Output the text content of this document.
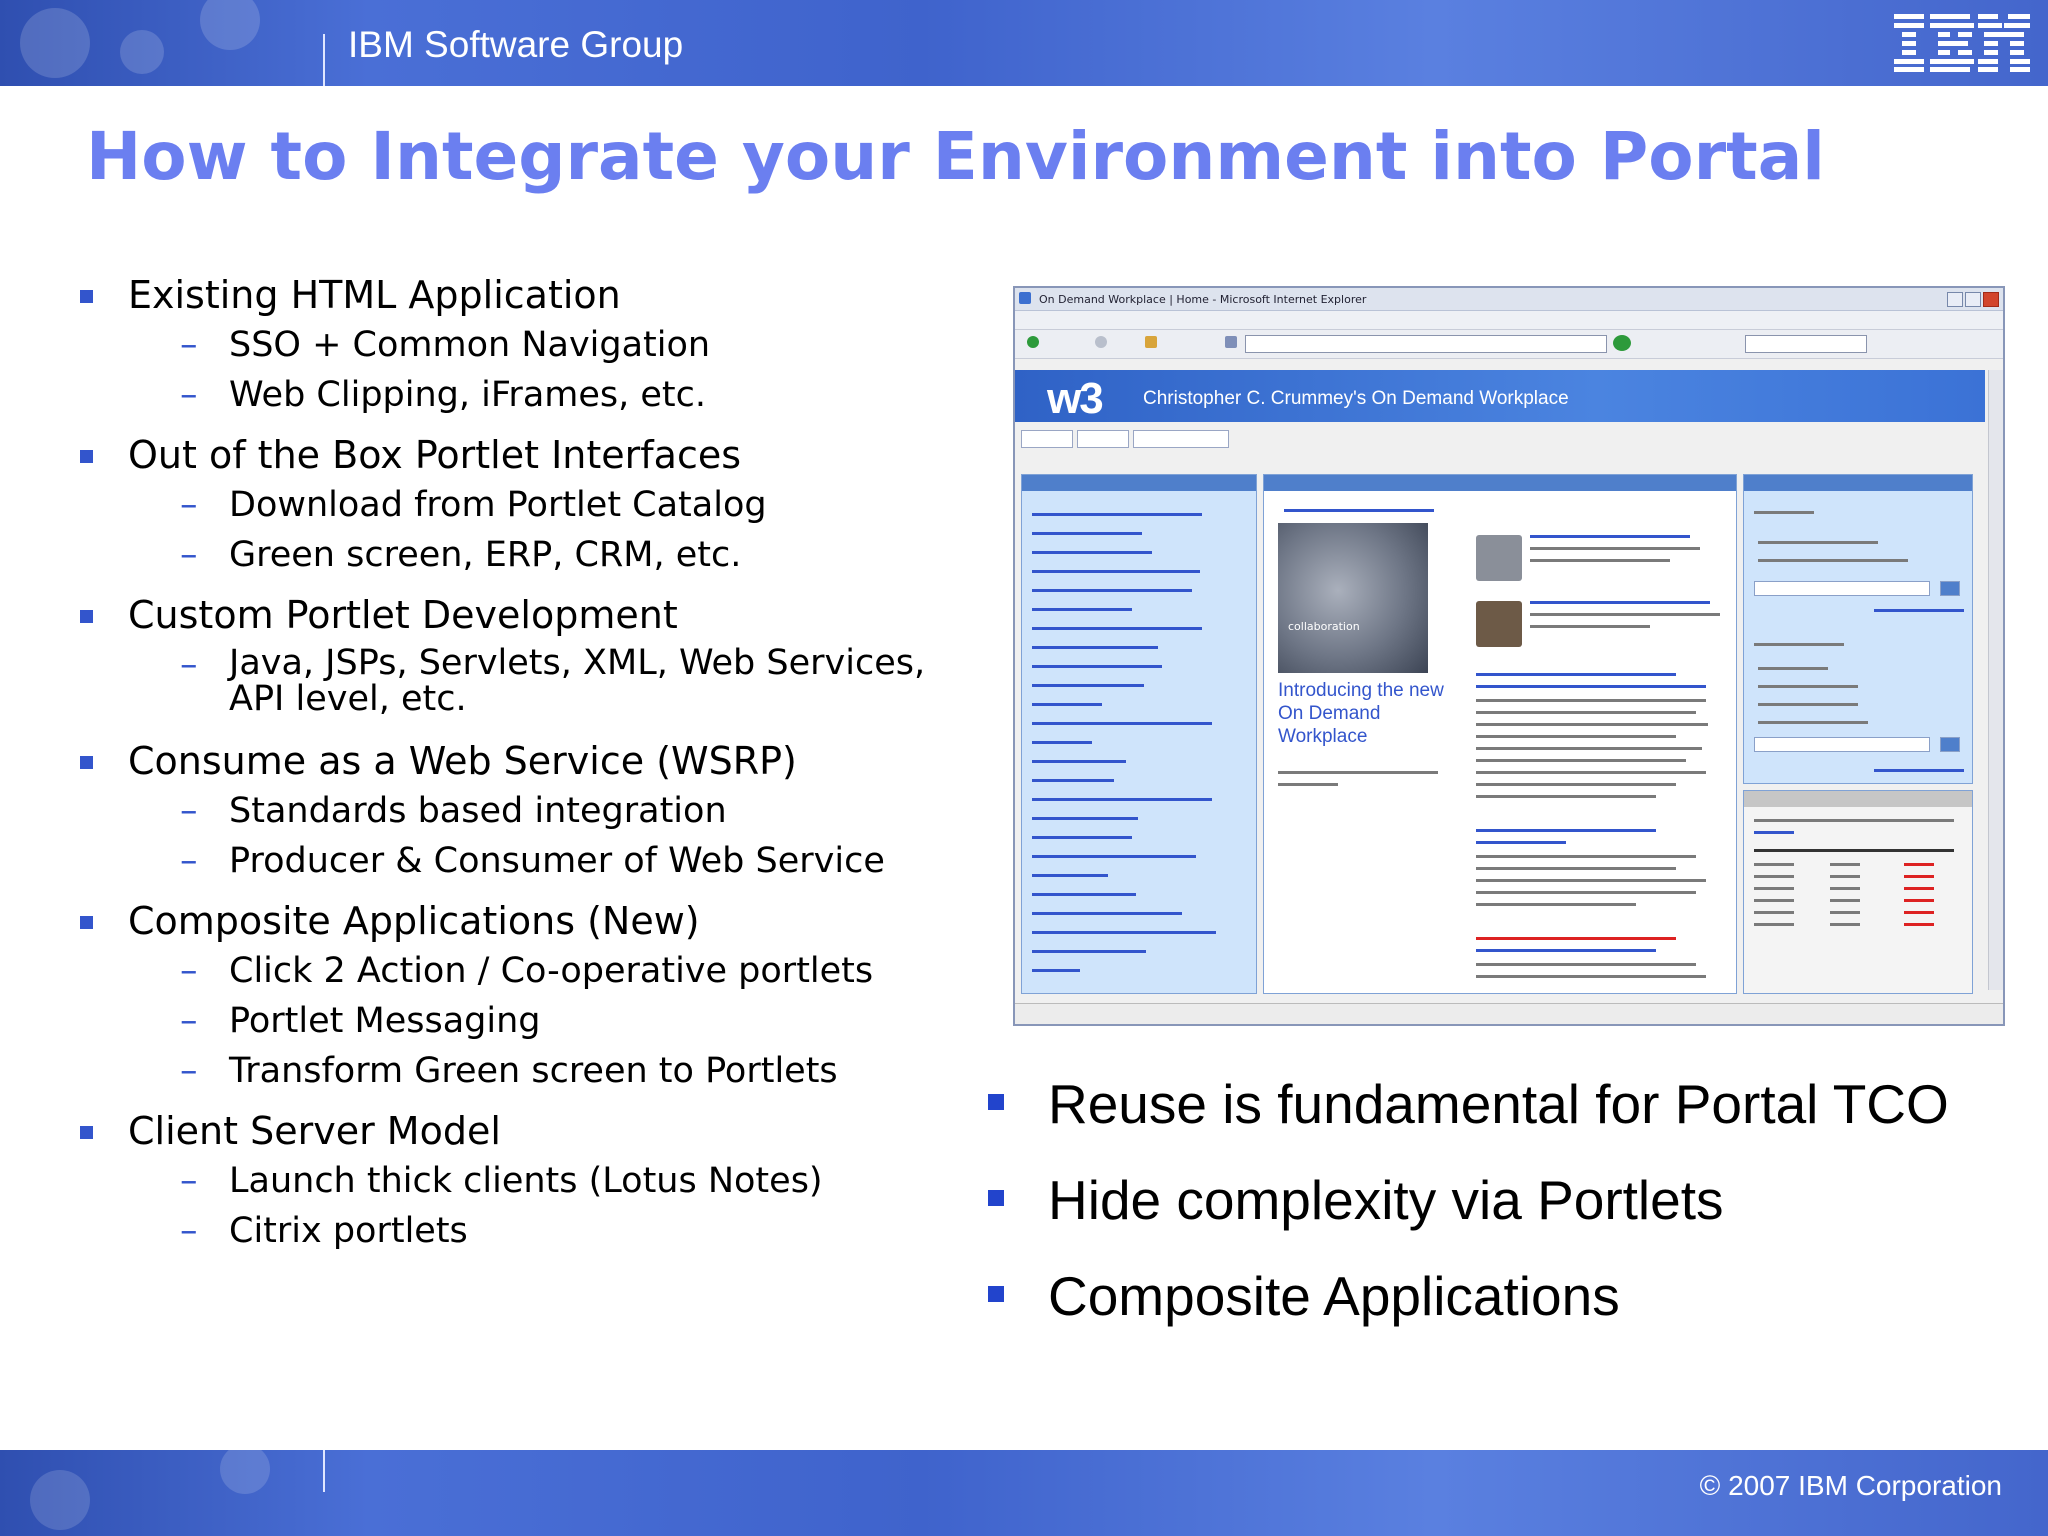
IBM Software Group
How to Integrate your Environment into Portal

Existing HTML Application

– SSO + Common Navigation

– Web Clipping, iFrames, etc.

Out of the Box Portlet Interfaces

– Download from Portlet Catalog

– Green screen, ERP, CRM, etc.

Custom Portlet Development

– Java, JSPs, Servlets, XML, Web Services, API level, etc.

Consume as a Web Service (WSRP)

– Standards based integration

– Producer & Consumer of Web Service

Composite Applications (New)

– Click 2 Action / Co-operative portlets

– Portlet Messaging

– Transform Green screen to Portlets

Client Server Model

– Launch thick clients (Lotus Notes)

– Citrix portlets

On Demand Workplace | Home - Microsoft Internet Explorer
w3 Christopher C. Crummey's On Demand Workplace
collaboration
Introducing the new On Demand Workplace

Reuse is fundamental for Portal TCO

Hide complexity via Portlets

Composite Applications

© 2007 IBM Corporation
